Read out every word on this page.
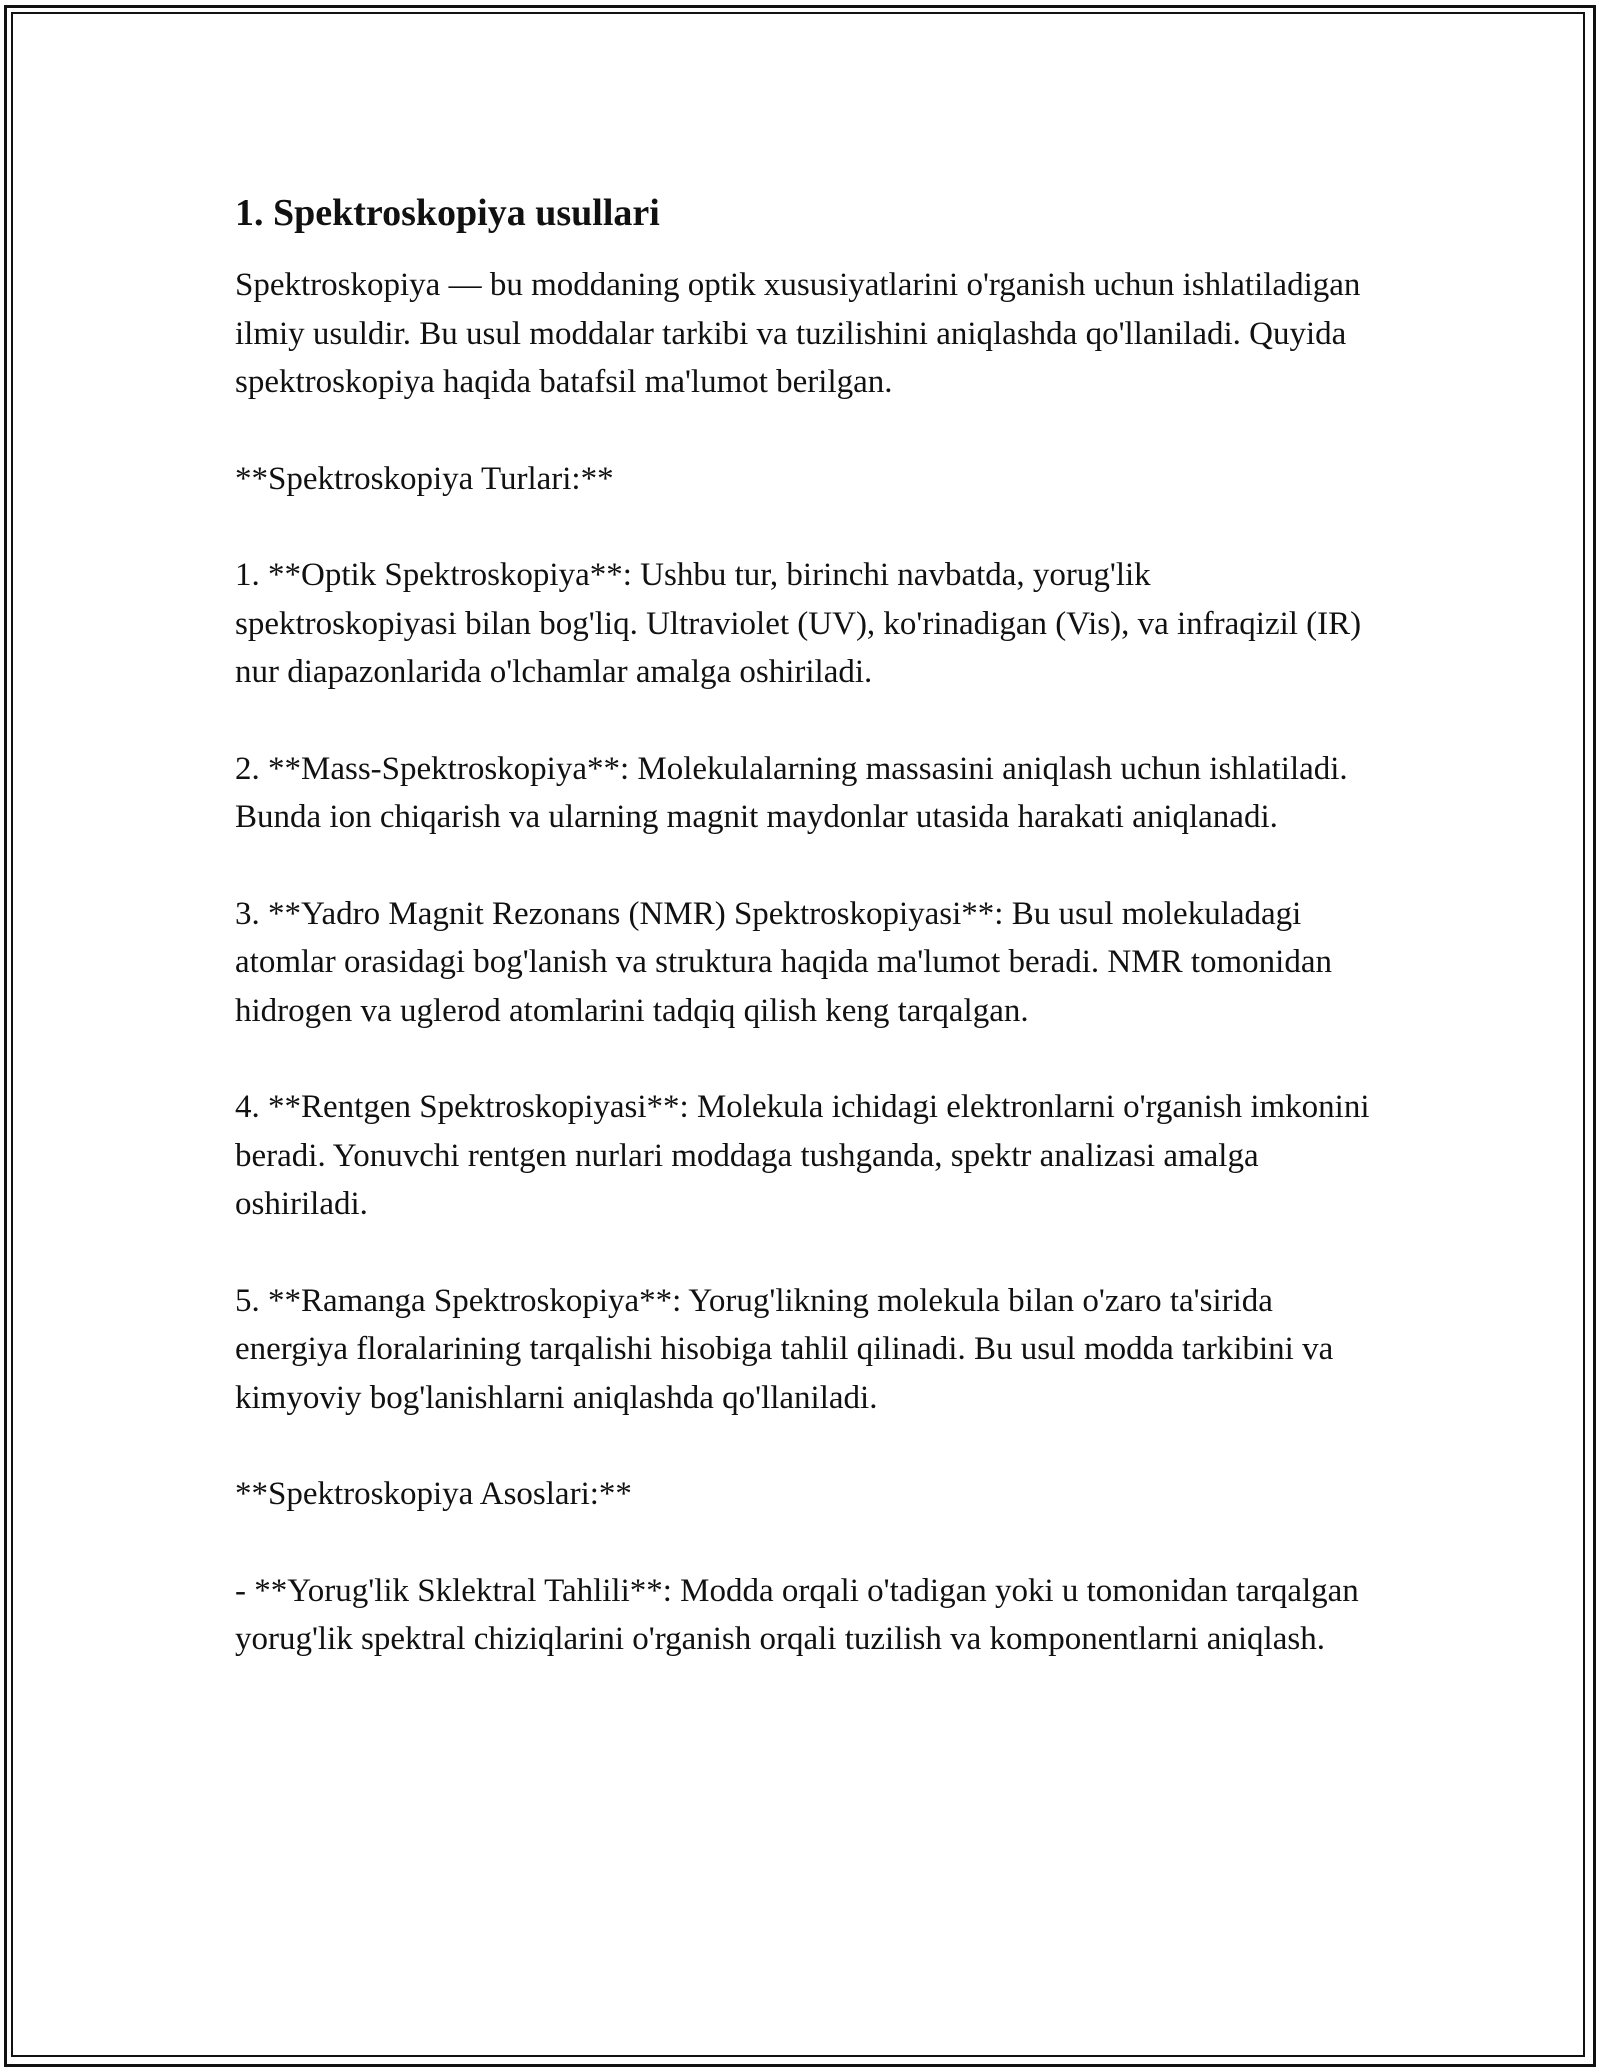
1. Spektroskopiya usullari

Spektroskopiya — bu moddaning optik xususiyatlarini o'rganish uchun ishlatiladigan ilmiy usuldir. Bu usul moddalar tarkibi va tuzilishini aniqlashda qo'llaniladi. Quyida spektroskopiya haqida batafsil ma'lumot berilgan.

**Spektroskopiya Turlari:**

1. **Optik Spektroskopiya**: Ushbu tur, birinchi navbatda, yorug'lik spektroskopiyasi bilan bog'liq. Ultraviolet (UV), ko'rinadigan (Vis), va infraqizil (IR) nur diapazonlarida o'lchamlar amalga oshiriladi.

2. **Mass-Spektroskopiya**: Molekulalarning massasini aniqlash uchun ishlatiladi. Bunda ion chiqarish va ularning magnit maydonlar utasida harakati aniqlanadi.

3. **Yadro Magnit Rezonans (NMR) Spektroskopiyasi**: Bu usul molekuladagi atomlar orasidagi bog'lanish va struktura haqida ma'lumot beradi. NMR tomonidan hidrogen va uglerod atomlarini tadqiq qilish keng tarqalgan.

4. **Rentgen Spektroskopiyasi**: Molekula ichidagi elektronlarni o'rganish imkonini beradi. Yonuvchi rentgen nurlari moddaga tushganda, spektr analizasi amalga oshiriladi.

5. **Ramanga Spektroskopiya**: Yorug'likning molekula bilan o'zaro ta'sirida energiya floralarining tarqalishi hisobiga tahlil qilinadi. Bu usul modda tarkibini va kimyoviy bog'lanishlarni aniqlashda qo'llaniladi.

**Spektroskopiya Asoslari:**

- **Yorug'lik Sklektral Tahlili**: Modda orqali o'tadigan yoki u tomonidan tarqalgan yorug'lik spektral chiziqlarini o'rganish orqali tuzilish va komponentlarni aniqlash.
